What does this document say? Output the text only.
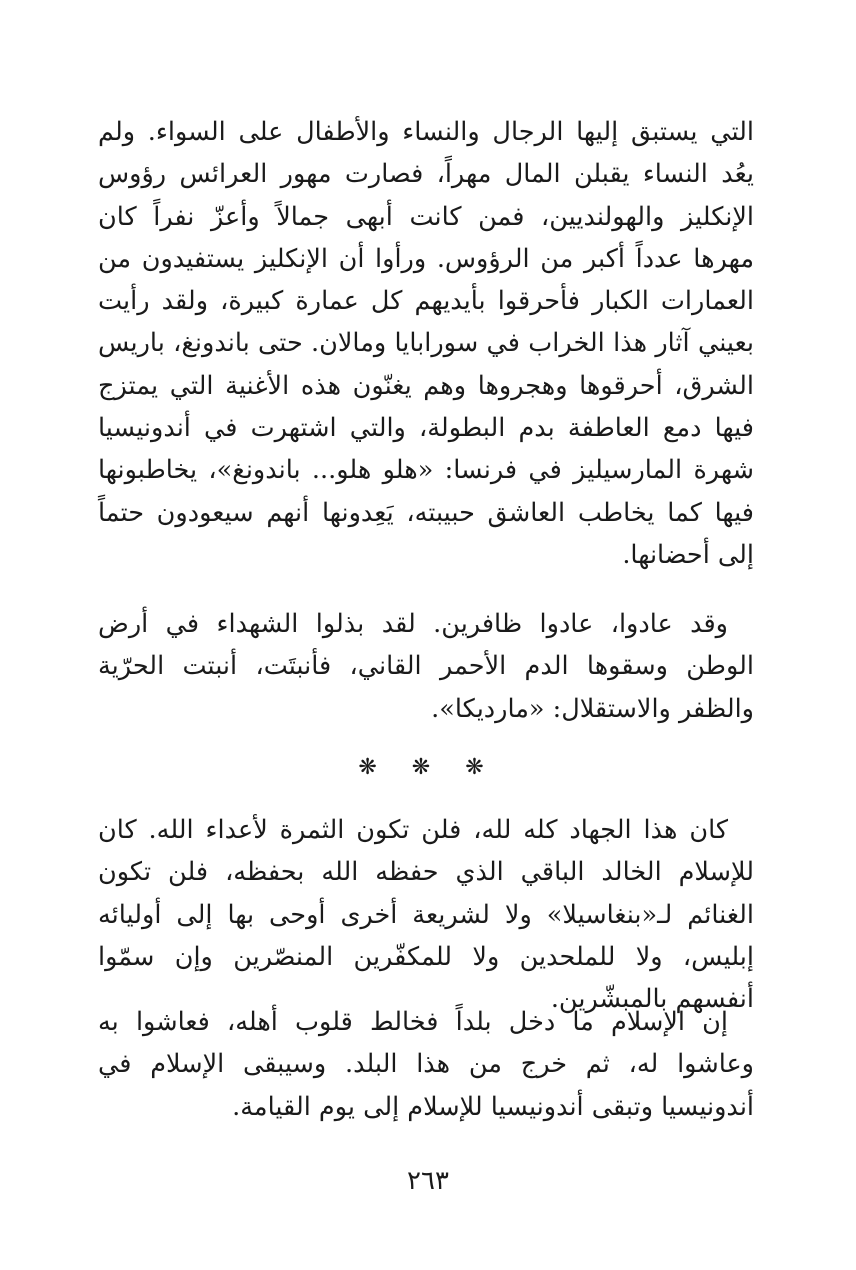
التي يستبق إليها الرجال والنساء والأطفال على السواء. ولم يعُد النساء يقبلن المال مهراً، فصارت مهور العرائس رؤوس الإنكليز والهولنديين، فمن كانت أبهى جمالاً وأعزّ نفراً كان مهرها عدداً أكبر من الرؤوس. ورأوا أن الإنكليز يستفيدون من العمارات الكبار فأحرقوا بأيديهم كل عمارة كبيرة، ولقد رأيت بعيني آثار هذا الخراب في سورابايا ومالان. حتى باندونغ، باريس الشرق، أحرقوها وهجروها وهم يغنّون هذه الأغنية التي يمتزج فيها دمع العاطفة بدم البطولة، والتي اشتهرت في أندونيسيا شهرة المارسيليز في فرنسا: «هلو هلو... باندونغ»، يخاطبونها فيها كما يخاطب العاشق حبيبته، يَعِدونها أنهم سيعودون حتماً إلى أحضانها.

وقد عادوا، عادوا ظافرين. لقد بذلوا الشهداء في أرض الوطن وسقوها الدم الأحمر القاني، فأنبتَت، أنبتت الحرّية والظفر والاستقلال: «مارديكا».

❋ ❋ ❋

كان هذا الجهاد كله لله، فلن تكون الثمرة لأعداء الله. كان للإسلام الخالد الباقي الذي حفظه الله بحفظه، فلن تكون الغنائم لـ«بنغاسيلا» ولا لشريعة أخرى أوحى بها إلى أوليائه إبليس، ولا للملحدين ولا للمكفّرين المنصّرين وإن سمّوا أنفسهم بالمبشّرين.

إن الإسلام ما دخل بلداً فخالط قلوب أهله، فعاشوا به وعاشوا له، ثم خرج من هذا البلد. وسيبقى الإسلام في أندونيسيا وتبقى أندونيسيا للإسلام إلى يوم القيامة.

٢٦٣
